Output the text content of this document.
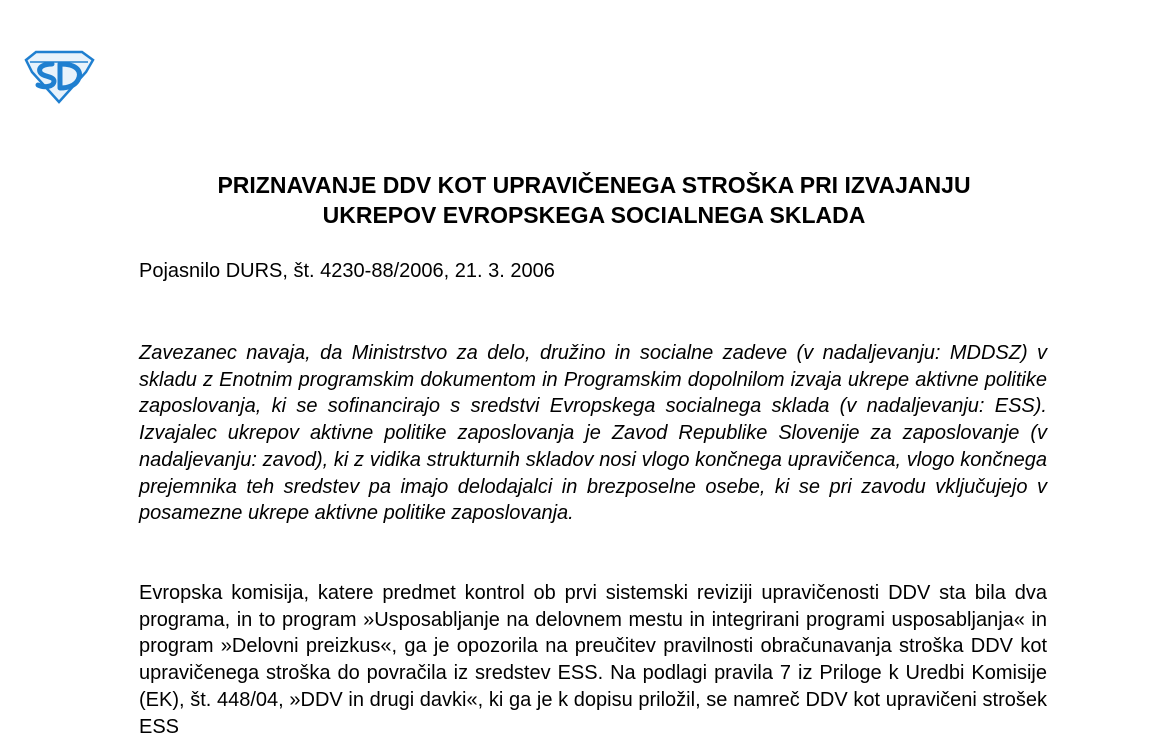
PRIZNAVANJE DDV KOT UPRAVIČENEGA STROŠKA PRI IZVAJANJU
UKREPOV EVROPSKEGA SOCIALNEGA SKLADA

Pojasnilo DURS, št. 4230-88/2006, 21. 3. 2006

Zavezanec navaja, da Ministrstvo za delo, družino in socialne zadeve (v nadaljevanju: MDDSZ) v skladu z Enotnim programskim dokumentom in Programskim dopolnilom izvaja ukrepe aktivne politike zaposlovanja, ki se sofinancirajo s sredstvi Evropskega socialnega sklada (v nadaljevanju: ESS). Izvajalec ukrepov aktivne politike zaposlovanja je Zavod Republike Slovenije za zaposlovanje (v nadaljevanju: zavod), ki z vidika strukturnih skladov nosi vlogo končnega upravičenca, vlogo končnega prejemnika teh sredstev pa imajo delodajalci in brezposelne osebe, ki se pri zavodu vključujejo v posamezne ukrepe aktivne politike zaposlovanja.

Evropska komisija, katere predmet kontrol ob prvi sistemski reviziji upravičenosti DDV sta bila dva programa, in to program »Usposabljanje na delovnem mestu in integrirani programi usposabljanja« in program »Delovni preizkus«, ga je opozorila na preučitev pravilnosti obračunavanja stroška DDV kot upravičenega stroška do povračila iz sredstev ESS. Na podlagi pravila 7 iz Priloge k Uredbi Komisije (EK), št. 448/04, »DDV in drugi davki«, ki ga je k dopisu priložil, se namreč DDV kot upravičeni strošek ESS
